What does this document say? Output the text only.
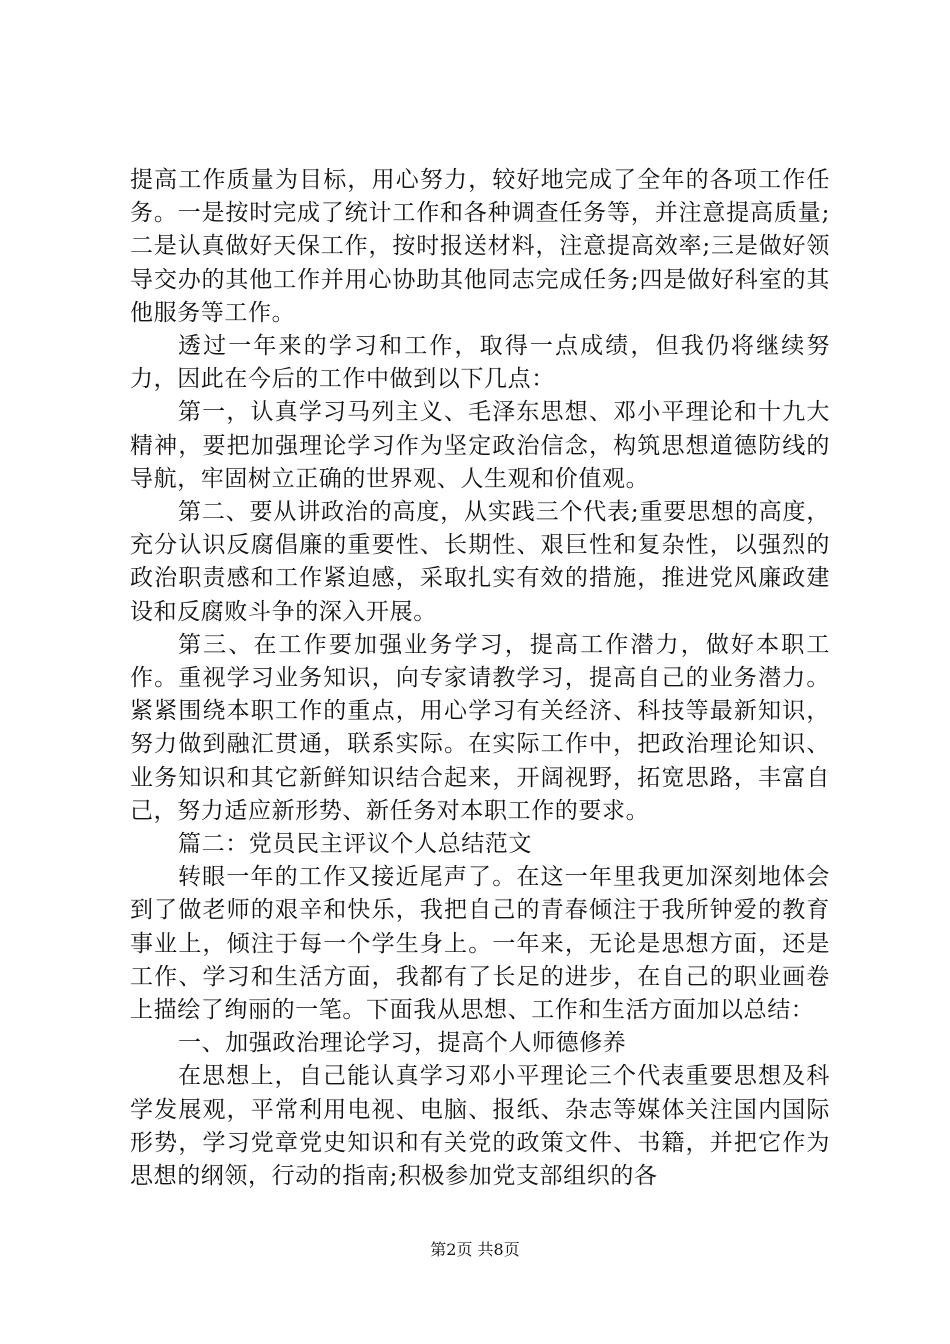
提高工作质量为目标，用心努力，较好地完成了全年的各项工作任务。一是按时完成了统计工作和各种调查任务等，并注意提高质量;二是认真做好天保工作，按时报送材料，注意提高效率;三是做好领导交办的其他工作并用心协助其他同志完成任务;四是做好科室的其他服务等工作。

透过一年来的学习和工作，取得一点成绩，但我仍将继续努力，因此在今后的工作中做到以下几点：

第一，认真学习马列主义、毛泽东思想、邓小平理论和十九大精神，要把加强理论学习作为坚定政治信念，构筑思想道德防线的导航，牢固树立正确的世界观、人生观和价值观。

第二、要从讲政治的高度，从实践三个代表;重要思想的高度，充分认识反腐倡廉的重要性、长期性、艰巨性和复杂性，以强烈的政治职责感和工作紧迫感，采取扎实有效的措施，推进党风廉政建设和反腐败斗争的深入开展。

第三、在工作要加强业务学习，提高工作潜力，做好本职工作。重视学习业务知识，向专家请教学习，提高自己的业务潜力。紧紧围绕本职工作的重点，用心学习有关经济、科技等最新知识，努力做到融汇贯通，联系实际。在实际工作中，把政治理论知识、业务知识和其它新鲜知识结合起来，开阔视野，拓宽思路，丰富自己，努力适应新形势、新任务对本职工作的要求。

篇二：党员民主评议个人总结范文

转眼一年的工作又接近尾声了。在这一年里我更加深刻地体会到了做老师的艰辛和快乐，我把自己的青春倾注于我所钟爱的教育事业上，倾注于每一个学生身上。一年来，无论是思想方面，还是工作、学习和生活方面，我都有了长足的进步，在自己的职业画卷上描绘了绚丽的一笔。下面我从思想、工作和生活方面加以总结：

一、加强政治理论学习，提高个人师德修养

在思想上，自己能认真学习邓小平理论三个代表重要思想及科学发展观，平常利用电视、电脑、报纸、杂志等媒体关注国内国际形势，学习党章党史知识和有关党的政策文件、书籍，并把它作为思想的纲领，行动的指南;积极参加党支部组织的各

第2页 共8页
